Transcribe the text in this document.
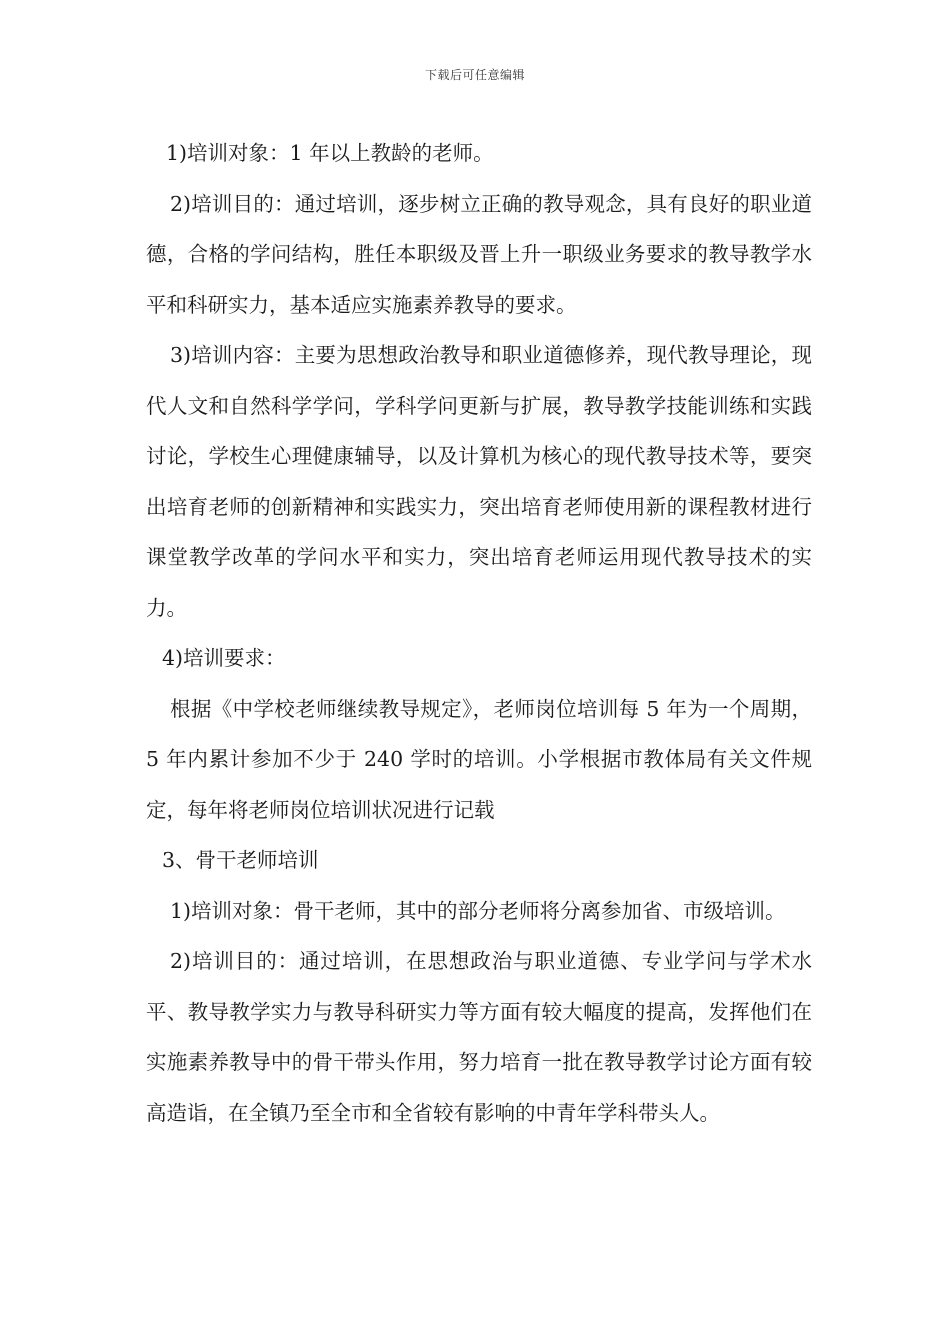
下载后可任意编辑

1)培训对象：1 年以上教龄的老师。

2)培训目的：通过培训，逐步树立正确的教导观念，具有良好的职业道德，合格的学问结构，胜任本职级及晋上升一职级业务要求的教导教学水平和科研实力，基本适应实施素养教导的要求。

3)培训内容：主要为思想政治教导和职业道德修养，现代教导理论，现代人文和自然科学学问，学科学问更新与扩展，教导教学技能训练和实践讨论，学校生心理健康辅导，以及计算机为核心的现代教导技术等，要突出培育老师的创新精神和实践实力，突出培育老师使用新的课程教材进行课堂教学改革的学问水平和实力，突出培育老师运用现代教导技术的实力。

4)培训要求：

根据《中学校老师继续教导规定》，老师岗位培训每 5 年为一个周期，5 年内累计参加不少于 240 学时的培训。小学根据市教体局有关文件规定，每年将老师岗位培训状况进行记载

3、骨干老师培训

1)培训对象：骨干老师，其中的部分老师将分离参加省、市级培训。

2)培训目的：通过培训，在思想政治与职业道德、专业学问与学术水平、教导教学实力与教导科研实力等方面有较大幅度的提高，发挥他们在实施素养教导中的骨干带头作用，努力培育一批在教导教学讨论方面有较高造诣，在全镇乃至全市和全省较有影响的中青年学科带头人。
